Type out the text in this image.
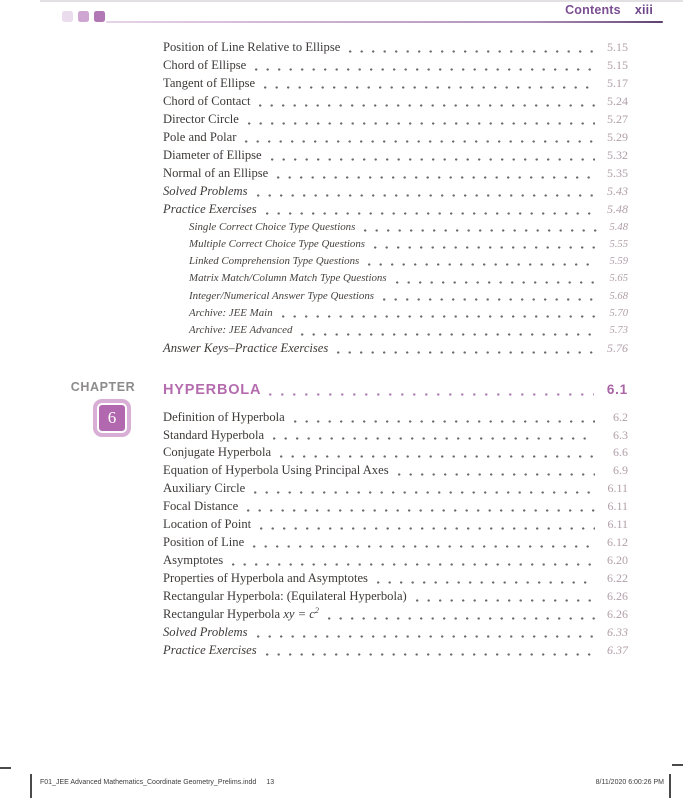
Contents xiii
Position of Line Relative to Ellipse	5.15
Chord of Ellipse	5.15
Tangent of Ellipse	5.17
Chord of Contact	5.24
Director Circle	5.27
Pole and Polar	5.29
Diameter of Ellipse	5.32
Normal of an Ellipse	5.35
Solved Problems	5.43
Practice Exercises	5.48
Single Correct Choice Type Questions	5.48
Multiple Correct Choice Type Questions	5.55
Linked Comprehension Type Questions	5.59
Matrix Match/Column Match Type Questions	5.65
Integer/Numerical Answer Type Questions	5.68
Archive: JEE Main	5.70
Archive: JEE Advanced	5.73
Answer Keys–Practice Exercises	5.76
CHAPTER
6
HYPERBOLA	6.1
Definition of Hyperbola	6.2
Standard Hyperbola	6.3
Conjugate Hyperbola	6.6
Equation of Hyperbola Using Principal Axes	6.9
Auxiliary Circle	6.11
Focal Distance	6.11
Location of Point	6.11
Position of Line	6.12
Asymptotes	6.20
Properties of Hyperbola and Asymptotes	6.22
Rectangular Hyperbola: (Equilateral Hyperbola)	6.26
Rectangular Hyperbola xy = $c^2$	6.26
Solved Problems	6.33
Practice Exercises	6.37
F01_JEE Advanced Mathematics_Coordinate Geometry_Prelims.indd 13	8/11/2020 6:00:26 PM
